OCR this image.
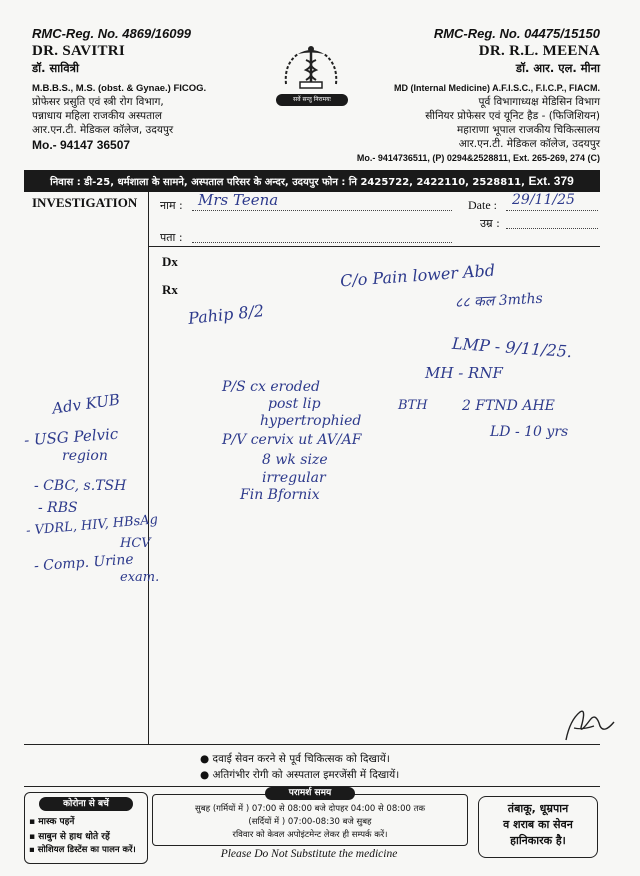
RMC-Reg. No. 4869/16099
DR. SAVITRI
डॉ. सावित्री
M.B.B.S., M.S. (obst. & Gynae.) FICOG.
प्रोफेसर प्रसुति एवं स्त्री रोग विभाग,
पन्नाधाय महिला राजकीय अस्पताल
आर.एन.टी. मेडिकल कॉलेज, उदयपुर
Mo.- 94147 36507
सर्वे सन्तु निरामयः
RMC-Reg. No. 04475/15150
DR. R.L. MEENA
डॉ. आर. एल. मीना
MD (Internal Medicine) A.F.I.S.C., F.I.C.P., FIACM.
पूर्व विभागाध्यक्ष मेडिसिन विभाग
सीनियर प्रोफेसर एवं यूनिट हैड - (फिजिशियन)
महाराणा भूपाल राजकीय चिकित्सालय
आर.एन.टी. मेडिकल कॉलेज, उदयपुर
Mo.- 9414736511, (P) 0294&2528811, Ext. 265-269, 274 (C)
निवास : डी-25, धर्मशाला के सामने, अस्पताल परिसर के अन्दर, उदयपुर फोन : नि 2425722, 2422110, 2528811, Ext. 379
INVESTIGATION नाम :	Date :
उम्र :
पता :
Dx
Rx
Mrs Teena	29/11/25
C/o Pain lower Abd
८८ कल 3mths
Pahip 8/2
LMP - 9/11/25.
MH - RNF
P/S cx eroded
post lip
hypertrophied
P/V cervix ut AV/AF
8 wk size
irregular
Fin Bfornix
BTH 2 FTND AHE
LD - 10 yrs
Adv KUB
- USG Pelvic
region
- CBC, s.TSH
- RBS
- VDRL, HIV, HBsAg
HCV
- Comp. Urine
exam.
● दवाई सेवन करने से पूर्व चिकित्सक को दिखायें।
● अतिगंभीर रोगी को अस्पताल इमरजेंसी में दिखायें।
कोरोना से बचें
▪ मास्क पहनें
▪ साबुन से हाथ धोते रहें
▪ सोशियल डिस्टेंस का पालन करें।
परामर्श समय
सुबह (गर्मियों में ) 07:00 से 08:00 बजे दोपहर 04:00 से 08:00 तक
(सर्दियों में ) 07:00-08:30 बजे सुबह
रविवार को केवल अपोइंटमेन्ट लेकर ही सम्पर्क करें।
Please Do Not Substitute the medicine
तंबाकू, धूम्रपान
व शराब का सेवन
हानिकारक है।
